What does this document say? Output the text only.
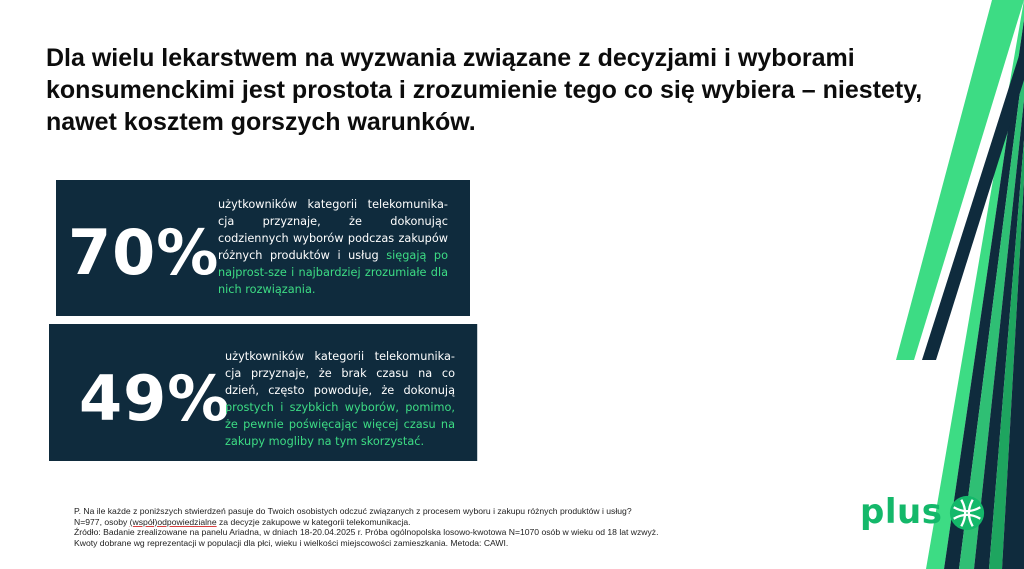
Dla wielu lekarstwem na wyzwania związane z decyzjami i wyborami konsumenckimi jest prostota i zrozumienie tego co się wybiera – niestety, nawet kosztem gorszych warunków.
70%
użytkowników kategorii telekomunika-cja przyznaje, że dokonując codziennych wyborów podczas zakupów różnych produktów i usług sięgają po najprost-sze i najbardziej zrozumiałe dla nich rozwiązania.
49%
użytkowników kategorii telekomunika-cja przyznaje, że brak czasu na co dzień, często powoduje, że dokonują prostych i szybkich wyborów, pomimo, że pewnie poświęcając więcej czasu na zakupy mogliby na tym skorzystać.
P. Na ile każde z poniższych stwierdzeń pasuje do Twoich osobistych odczuć związanych z procesem wyboru i zakupu różnych produktów i usług?
N=977, osoby (współ)odpowiedzialne za decyzje zakupowe w kategorii telekomunikacja.
Źródło: Badanie zrealizowane na panelu Ariadna, w dniach 18-20.04.2025 r. Próba ogólnopolska losowo-kwotowa N=1070 osób w wieku od 18 lat wzwyż.
Kwoty dobrane wg reprezentacji w populacji dla płci, wieku i wielkości miejscowości zamieszkania. Metoda: CAWI.
plus
